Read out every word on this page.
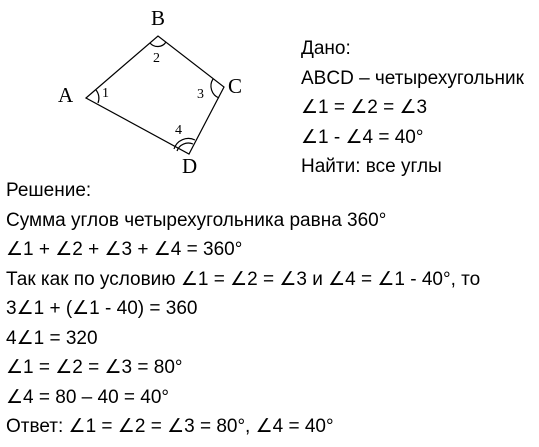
B
A	C
D
1
2
3
4
Дано:
ABCD – четырехугольник
∠1 = ∠2 = ∠3
∠1 - ∠4 = 40°
Найти: все углы
Решение:
Сумма углов четырехугольника равна 360°
∠1 + ∠2 + ∠3 + ∠4 = 360°
Так как по условию ∠1 = ∠2 = ∠3 и ∠4 = ∠1 - 40°, то
3∠1 + (∠1 - 40) = 360
4∠1 = 320
∠1 = ∠2 = ∠3 = 80°
∠4 = 80 – 40 = 40°
Ответ: ∠1 = ∠2 = ∠3 = 80°, ∠4 = 40°
